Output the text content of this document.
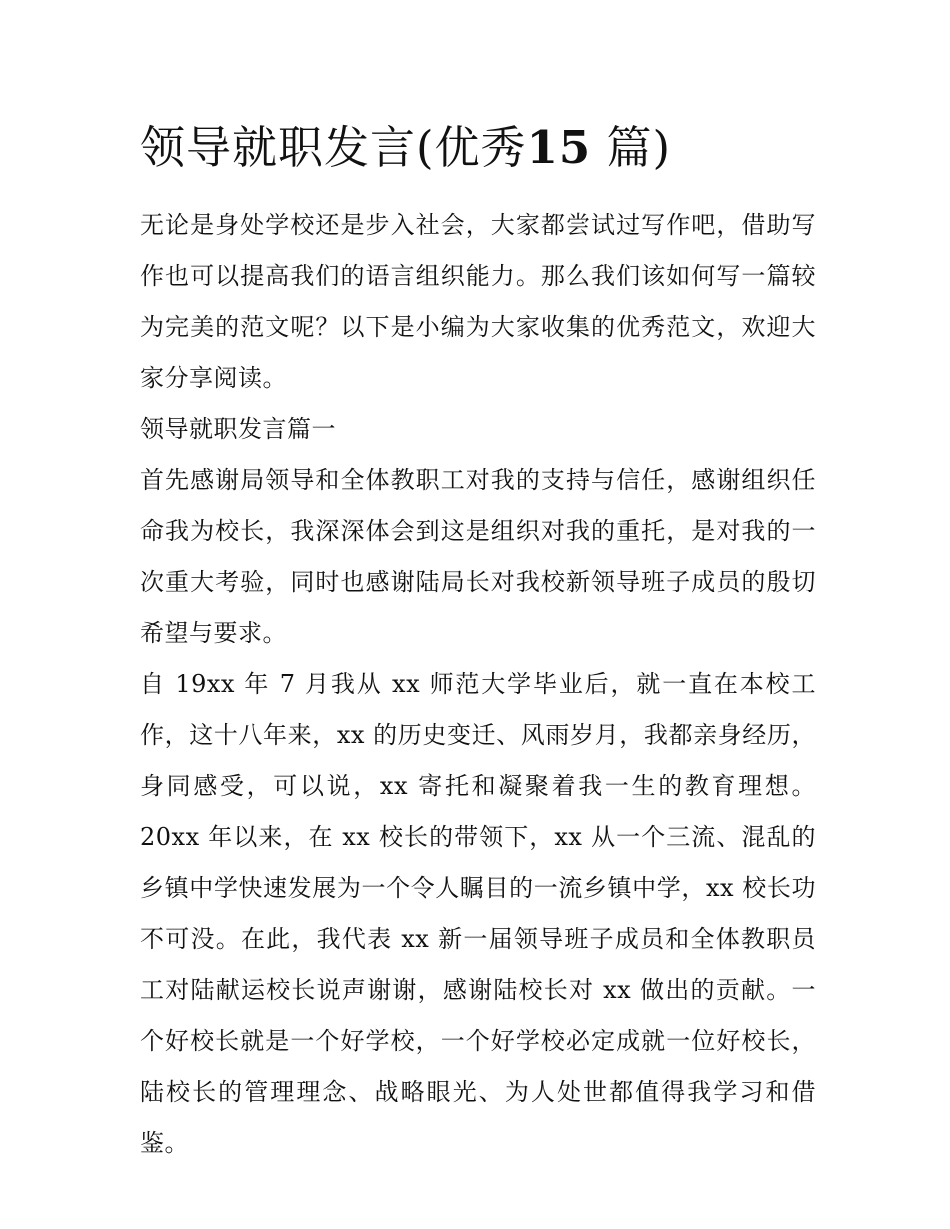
领导就职发言(优秀15 篇)

无论是身处学校还是步入社会，大家都尝试过写作吧，借助写作也可以提高我们的语言组织能力。那么我们该如何写一篇较为完美的范文呢？以下是小编为大家收集的优秀范文，欢迎大家分享阅读。

领导就职发言篇一

首先感谢局领导和全体教职工对我的支持与信任，感谢组织任命我为校长，我深深体会到这是组织对我的重托，是对我的一次重大考验，同时也感谢陆局长对我校新领导班子成员的殷切希望与要求。

自 19xx 年 7 月我从 xx 师范大学毕业后，就一直在本校工作，这十八年来，xx 的历史变迁、风雨岁月，我都亲身经历，身同感受，可以说，xx 寄托和凝聚着我一生的教育理想。20xx 年以来，在 xx 校长的带领下，xx 从一个三流、混乱的乡镇中学快速发展为一个令人瞩目的一流乡镇中学，xx 校长功不可没。在此，我代表 xx 新一届领导班子成员和全体教职员工对陆献运校长说声谢谢，感谢陆校长对 xx 做出的贡献。一个好校长就是一个好学校，一个好学校必定成就一位好校长，陆校长的管理理念、战略眼光、为人处世都值得我学习和借鉴。
